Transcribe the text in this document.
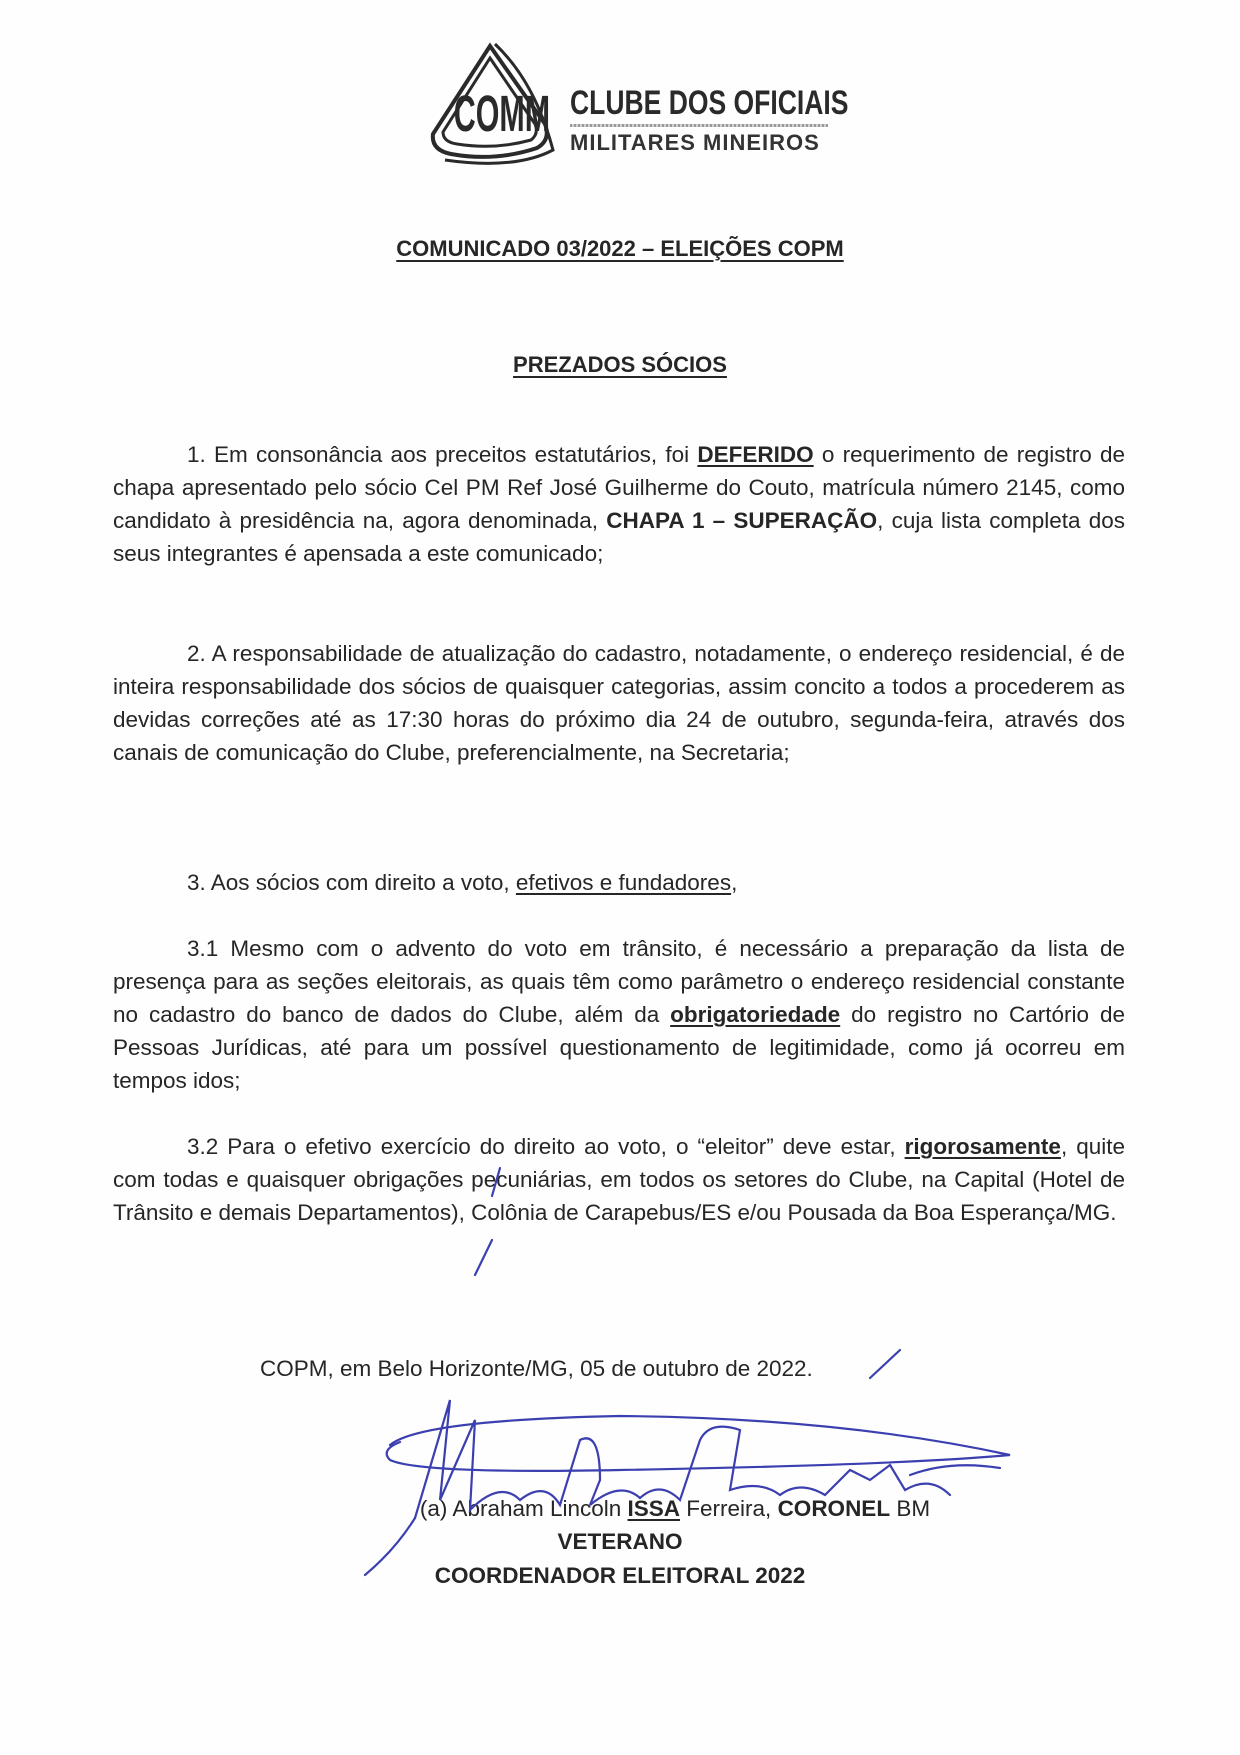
COMM CLUBE DOS OFICIAIS
MILITARES MINEIROS
COMUNICADO 03/2022 – ELEIÇÕES COPM
PREZADOS SÓCIOS

1. Em consonância aos preceitos estatutários, foi DEFERIDO o requerimento de registro de chapa apresentado pelo sócio Cel PM Ref José Guilherme do Couto, matrícula número 2145, como candidato à presidência na, agora denominada, CHAPA 1 – SUPERAÇÃO, cuja lista completa dos seus integrantes é apensada a este comunicado;

2. A responsabilidade de atualização do cadastro, notadamente, o endereço residencial, é de inteira responsabilidade dos sócios de quaisquer categorias, assim concito a todos a procederem as devidas correções até as 17:30 horas do próximo dia 24 de outubro, segunda-feira, através dos canais de comunicação do Clube, preferencialmente, na Secretaria;

3. Aos sócios com direito a voto, efetivos e fundadores,

3.1 Mesmo com o advento do voto em trânsito, é necessário a preparação da lista de presença para as seções eleitorais, as quais têm como parâmetro o endereço residencial constante no cadastro do banco de dados do Clube, além da obrigatoriedade do registro no Cartório de Pessoas Jurídicas, até para um possível questionamento de legitimidade, como já ocorreu em tempos idos;

3.2 Para o efetivo exercício do direito ao voto, o “eleitor” deve estar, rigorosamente, quite com todas e quaisquer obrigações pecuniárias, em todos os setores do Clube, na Capital (Hotel de Trânsito e demais Departamentos), Colônia de Carapebus/ES e/ou Pousada da Boa Esperança/MG.

COPM, em Belo Horizonte/MG, 05 de outubro de 2022.
(a) Abraham Lincoln ISSA Ferreira, CORONEL BM
VETERANO
COORDENADOR ELEITORAL 2022
